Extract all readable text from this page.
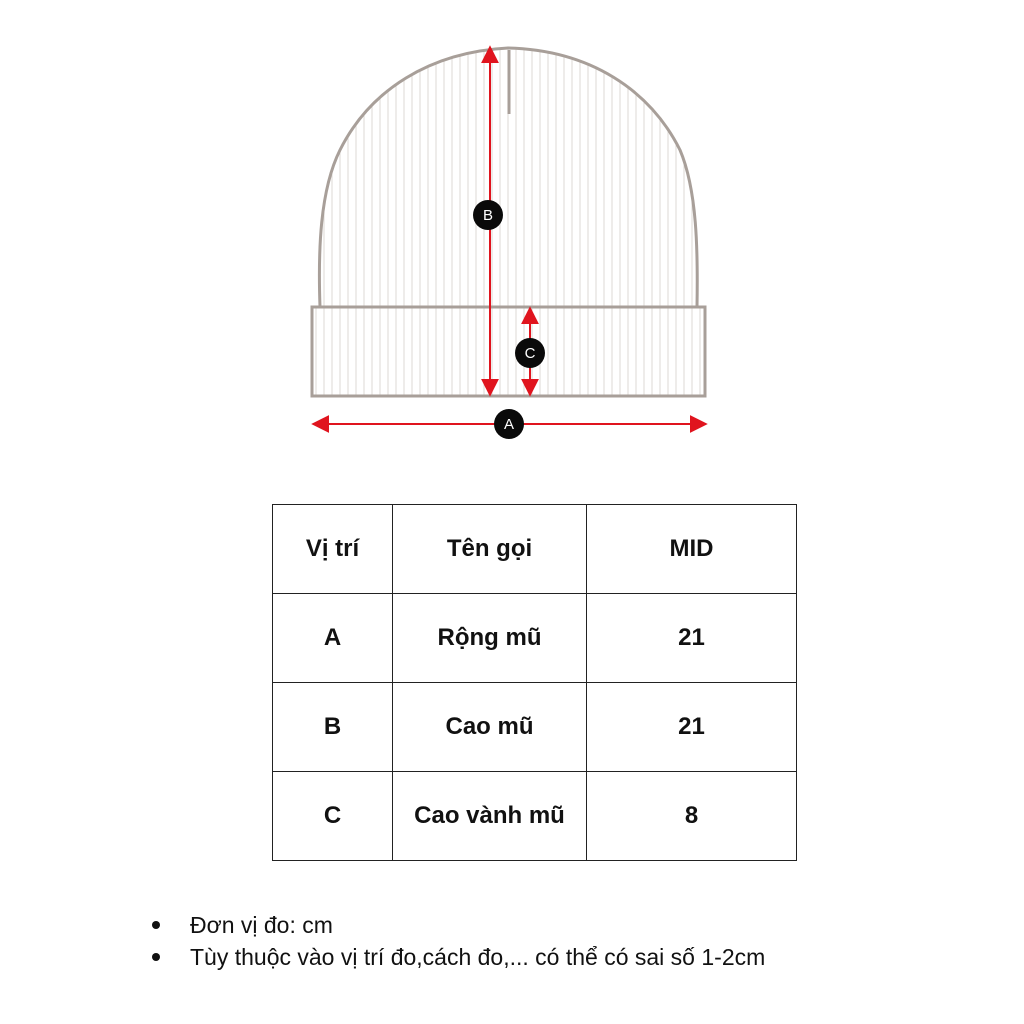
B
C
A
Vị trí	Tên gọi	MID
A	Rộng mũ	21
B	Cao mũ	21
C	Cao vành mũ	8
Đơn vị đo: cm
Tùy thuộc vào vị trí đo,cách đo,... có thể có sai số 1-2cm
